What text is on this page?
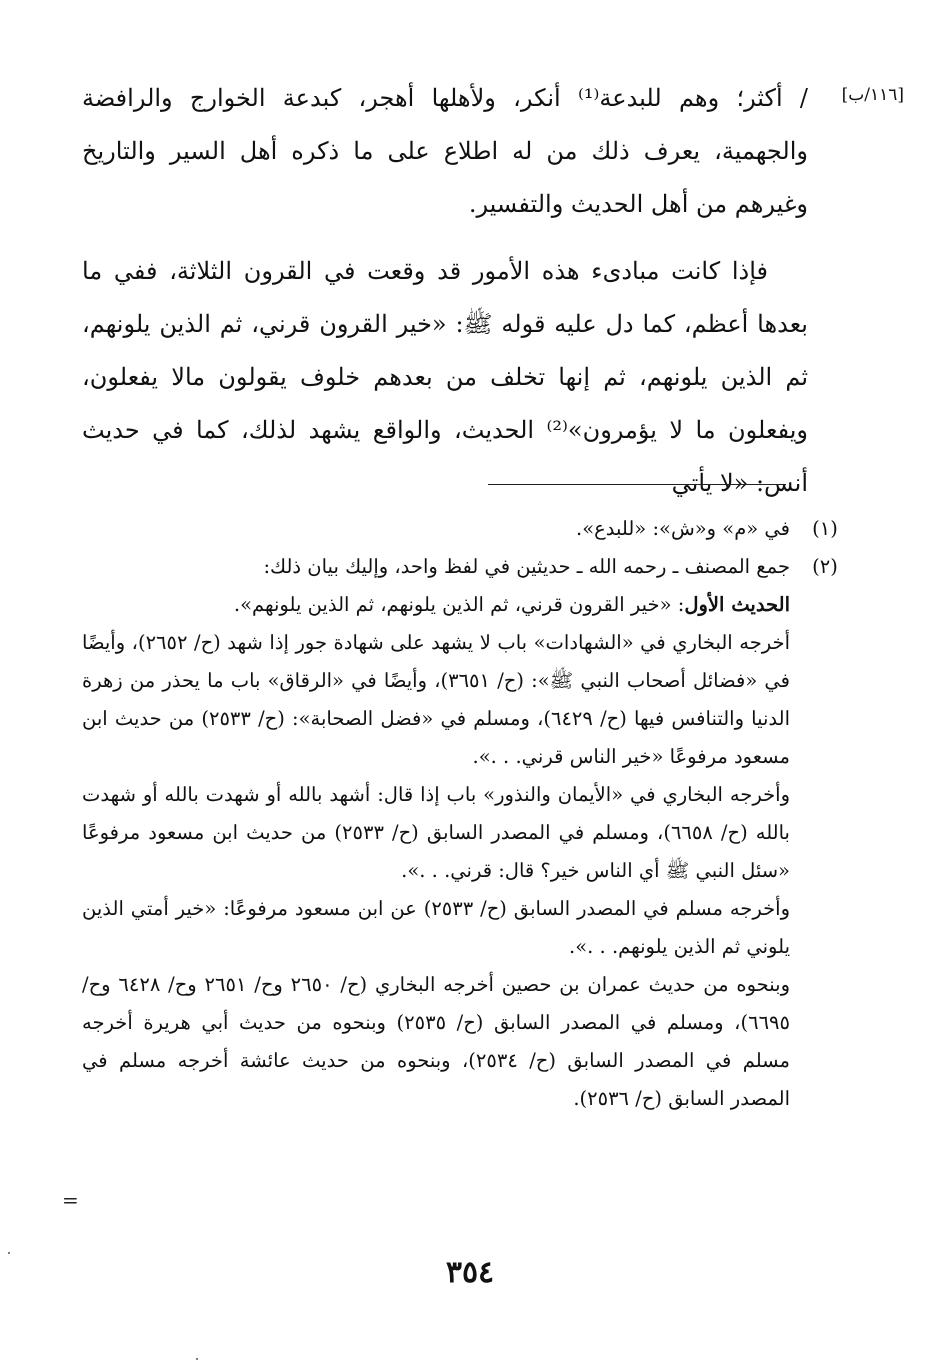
[١١٦/ب]

/ أكثر؛ وهم للبدعة⁽¹⁾ أنكر، ولأهلها أهجر، كبدعة الخوارج والرافضة والجهمية، يعرف ذلك من له اطلاع على ما ذكره أهل السير والتاريخ وغيرهم من أهل الحديث والتفسير.

فإذا كانت مبادىء هذه الأمور قد وقعت في القرون الثلاثة، ففي ما بعدها أعظم، كما دل عليه قوله ﷺ: «خير القرون قرني، ثم الذين يلونهم، ثم الذين يلونهم، ثم إنها تخلف من بعدهم خلوف يقولون مالا يفعلون، ويفعلون ما لا يؤمرون»⁽²⁾ الحديث، والواقع يشهد لذلك، كما في حديث أنس: «لا يأتي

(١)
في «م» و«ش»: «للبدع».
(٢)
جمع المصنف ـ رحمه الله ـ حديثين في لفظ واحد، وإليك بيان ذلك:
الحديث الأول: «خير القرون قرني، ثم الذين يلونهم، ثم الذين يلونهم».
أخرجه البخاري في «الشهادات» باب لا يشهد على شهادة جور إذا شهد (ح/ ٢٦٥٢)، وأيضًا في «فضائل أصحاب النبي ﷺ»: (ح/ ٣٦٥١)، وأيضًا في «الرقاق» باب ما يحذر من زهرة الدنيا والتنافس فيها (ح/ ٦٤٢٩)، ومسلم في «فضل الصحابة»: (ح/ ٢٥٣٣) من حديث ابن مسعود مرفوعًا «خير الناس قرني. . .».
وأخرجه البخاري في «الأيمان والنذور» باب إذا قال: أشهد بالله أو شهدت بالله أو شهدت بالله (ح/ ٦٦٥٨)، ومسلم في المصدر السابق (ح/ ٢٥٣٣) من حديث ابن مسعود مرفوعًا «سئل النبي ﷺ أي الناس خير؟ قال: قرني. . .».
وأخرجه مسلم في المصدر السابق (ح/ ٢٥٣٣) عن ابن مسعود مرفوعًا: «خير أمتي الذين يلوني ثم الذين يلونهم. . .».
وبنحوه من حديث عمران بن حصين أخرجه البخاري (ح/ ٢٦٥٠ وح/ ٢٦٥١ وح/ ٦٤٢٨ وح/ ٦٦٩٥)، ومسلم في المصدر السابق (ح/ ٢٥٣٥) وبنحوه من حديث أبي هريرة أخرجه مسلم في المصدر السابق (ح/ ٢٥٣٤)، وبنحوه من حديث عائشة أخرجه مسلم في المصدر السابق (ح/ ٢٥٣٦).
=
٣٥٤
